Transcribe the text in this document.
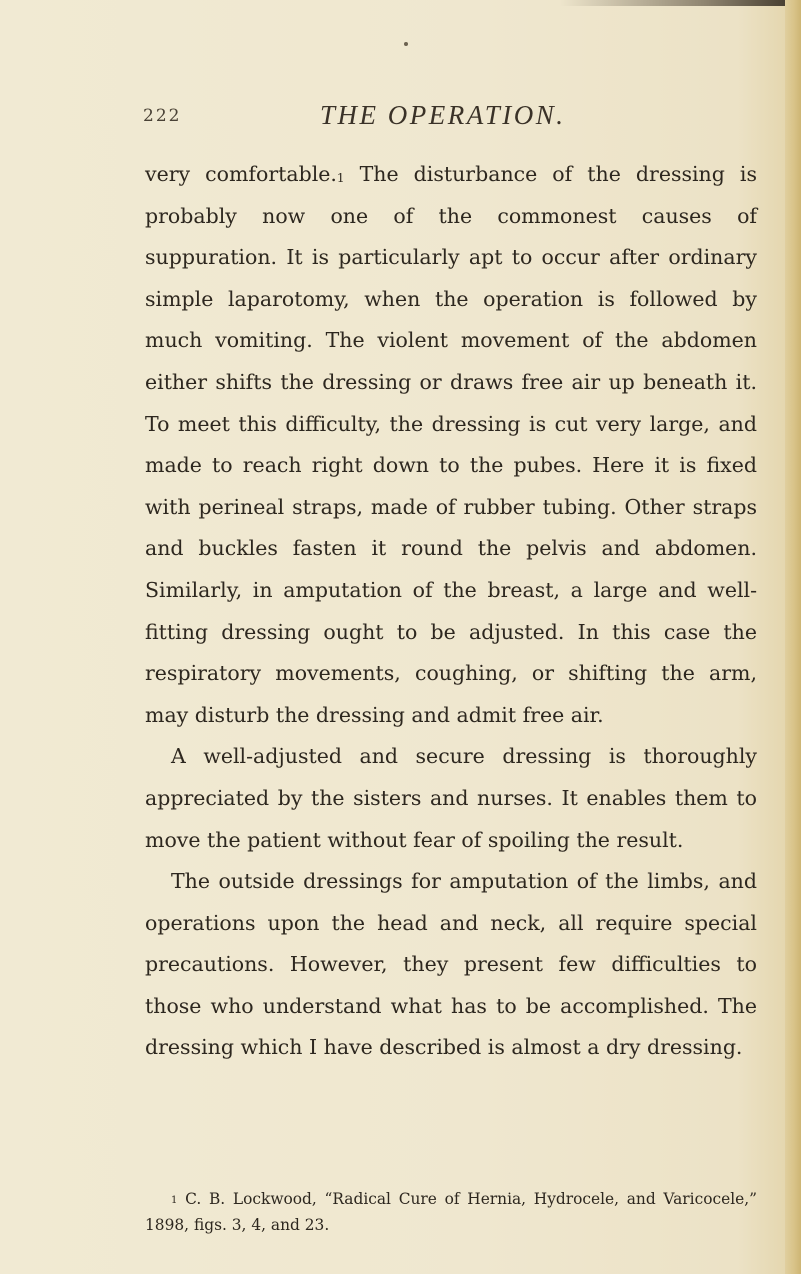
222	THE OPERATION.

very comfortable.$^1$ The disturbance of the dressing is probably now one of the commonest causes of suppuration. It is particularly apt to occur after ordinary simple laparotomy, when the operation is followed by much vomiting. The violent movement of the abdomen either shifts the dressing or draws free air up beneath it. To meet this difficulty, the dressing is cut very large, and made to reach right down to the pubes. Here it is fixed with perineal straps, made of rubber tubing. Other straps and buckles fasten it round the pelvis and abdomen. Similarly, in amputation of the breast, a large and well-fitting dressing ought to be adjusted. In this case the respiratory movements, coughing, or shifting the arm, may disturb the dressing and admit free air.

A well-adjusted and secure dressing is thoroughly appreciated by the sisters and nurses. It enables them to move the patient without fear of spoiling the result.

The outside dressings for amputation of the limbs, and operations upon the head and neck, all require special precautions. However, they present few difficulties to those who understand what has to be accomplished. The dressing which I have described is almost a dry dressing.

$^1$ C. B. Lockwood, “Radical Cure of Hernia, Hydrocele, and Varicocele,” 1898, figs. 3, 4, and 23.
